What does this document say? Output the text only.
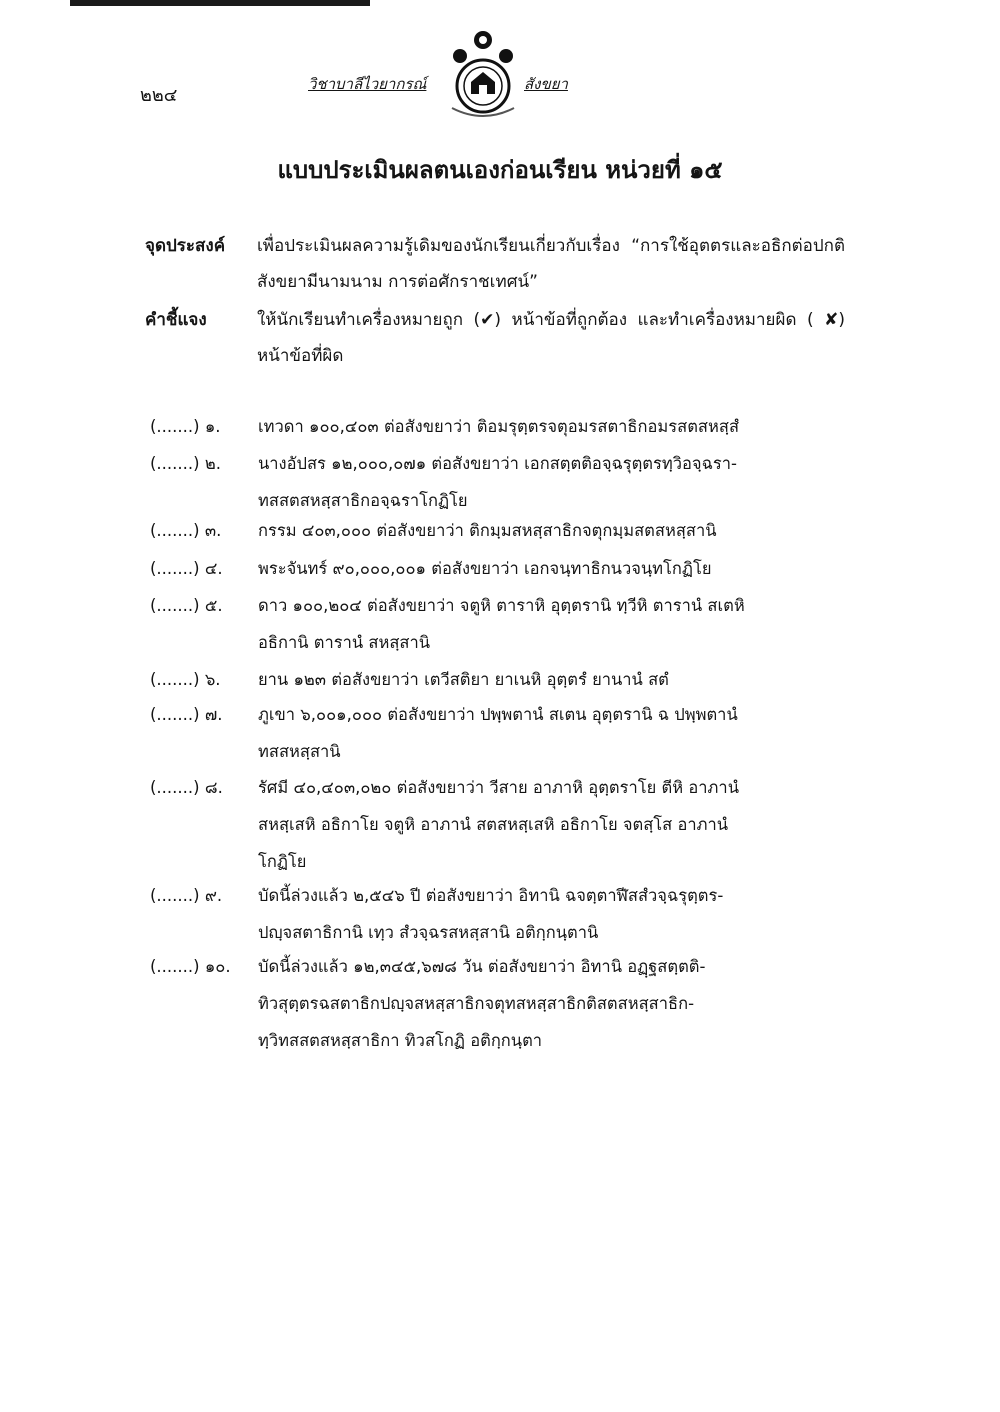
๒๒๔
วิชาบาลีไวยากรณ์	สังขยา
แบบประเมินผลตนเองก่อนเรียน หน่วยที่ ๑๕
จุดประสงค์ เพื่อประเมินผลความรู้เดิมของนักเรียนเกี่ยวกับเรื่อง “การใช้อุตตรและอธิกต่อปกติสังขยามีนามนาม การต่อศักราชเทศน์”
คำชี้แจง	ให้นักเรียนทำเครื่องหมายถูก (✔) หน้าข้อที่ถูกต้อง และทำเครื่องหมายผิด ( ✘) หน้าข้อที่ผิด
(.......) ๑.	เทวดา ๑๐๐,๔๐๓ ต่อสังขยาว่า ติอมรุตฺตรจตุอมรสตาธิกอมรสตสหสฺสํ
(.......) ๒.	นางอัปสร ๑๒,๐๐๐,๐๗๑ ต่อสังขยาว่า เอกสตฺตติอจฺฉรุตฺตรทฺวิอจฺฉรา-
ทสสตสหสฺสาธิกอจฺฉราโกฏิโย
(.......) ๓.	กรรม ๔๐๓,๐๐๐ ต่อสังขยาว่า ติกมฺมสหสฺสาธิกจตุกมฺมสตสหสฺสานิ
(.......) ๔.	พระจันทร์ ๙๐,๐๐๐,๐๐๑ ต่อสังขยาว่า เอกจนฺทาธิกนวจนฺทโกฏิโย
(.......) ๕.	ดาว ๑๐๐,๒๐๔ ต่อสังขยาว่า จตูหิ ตาราหิ อุตฺตรานิ ทฺวีหิ ตารานํ สเตหิ
อธิกานิ ตารานํ สหสฺสานิ
(.......) ๖.	ยาน ๑๒๓ ต่อสังขยาว่า เตวีสติยา ยาเนหิ อุตฺตรํ ยานานํ สตํ
(.......) ๗.	ภูเขา ๖,๐๐๑,๐๐๐ ต่อสังขยาว่า ปพฺพตานํ สเตน อุตฺตรานิ ฉ ปพฺพตานํ
ทสสหสฺสานิ
(.......) ๘.	รัศมี ๔๐,๔๐๓,๐๒๐ ต่อสังขยาว่า วีสาย อาภาหิ อุตฺตราโย ตีหิ อาภานํ
สหสฺเสหิ อธิกาโย จตูหิ อาภานํ สตสหสฺเสหิ อธิกาโย จตสฺโส อาภานํ
โกฏิโย
(.......) ๙.	บัดนี้ล่วงแล้ว ๒,๕๔๖ ปี ต่อสังขยาว่า อิทานิ ฉจตฺตาฬีสสํวจฺฉรุตฺตร-
ปญฺจสตาธิกานิ เทฺว สํวจฺฉรสหสฺสานิ อติกฺกนฺตานิ
(.......) ๑๐.	บัดนี้ล่วงแล้ว ๑๒,๓๔๕,๖๗๘ วัน ต่อสังขยาว่า อิทานิ อฏฺฐสตฺตติ-
ทิวสุตฺตรฉสตาธิกปญฺจสหสฺสาธิกจตุทสหสฺสาธิกติสตสหสฺสาธิก-
ทฺวิทสสตสหสฺสาธิกา ทิวสโกฏิ อติกฺกนฺตา
